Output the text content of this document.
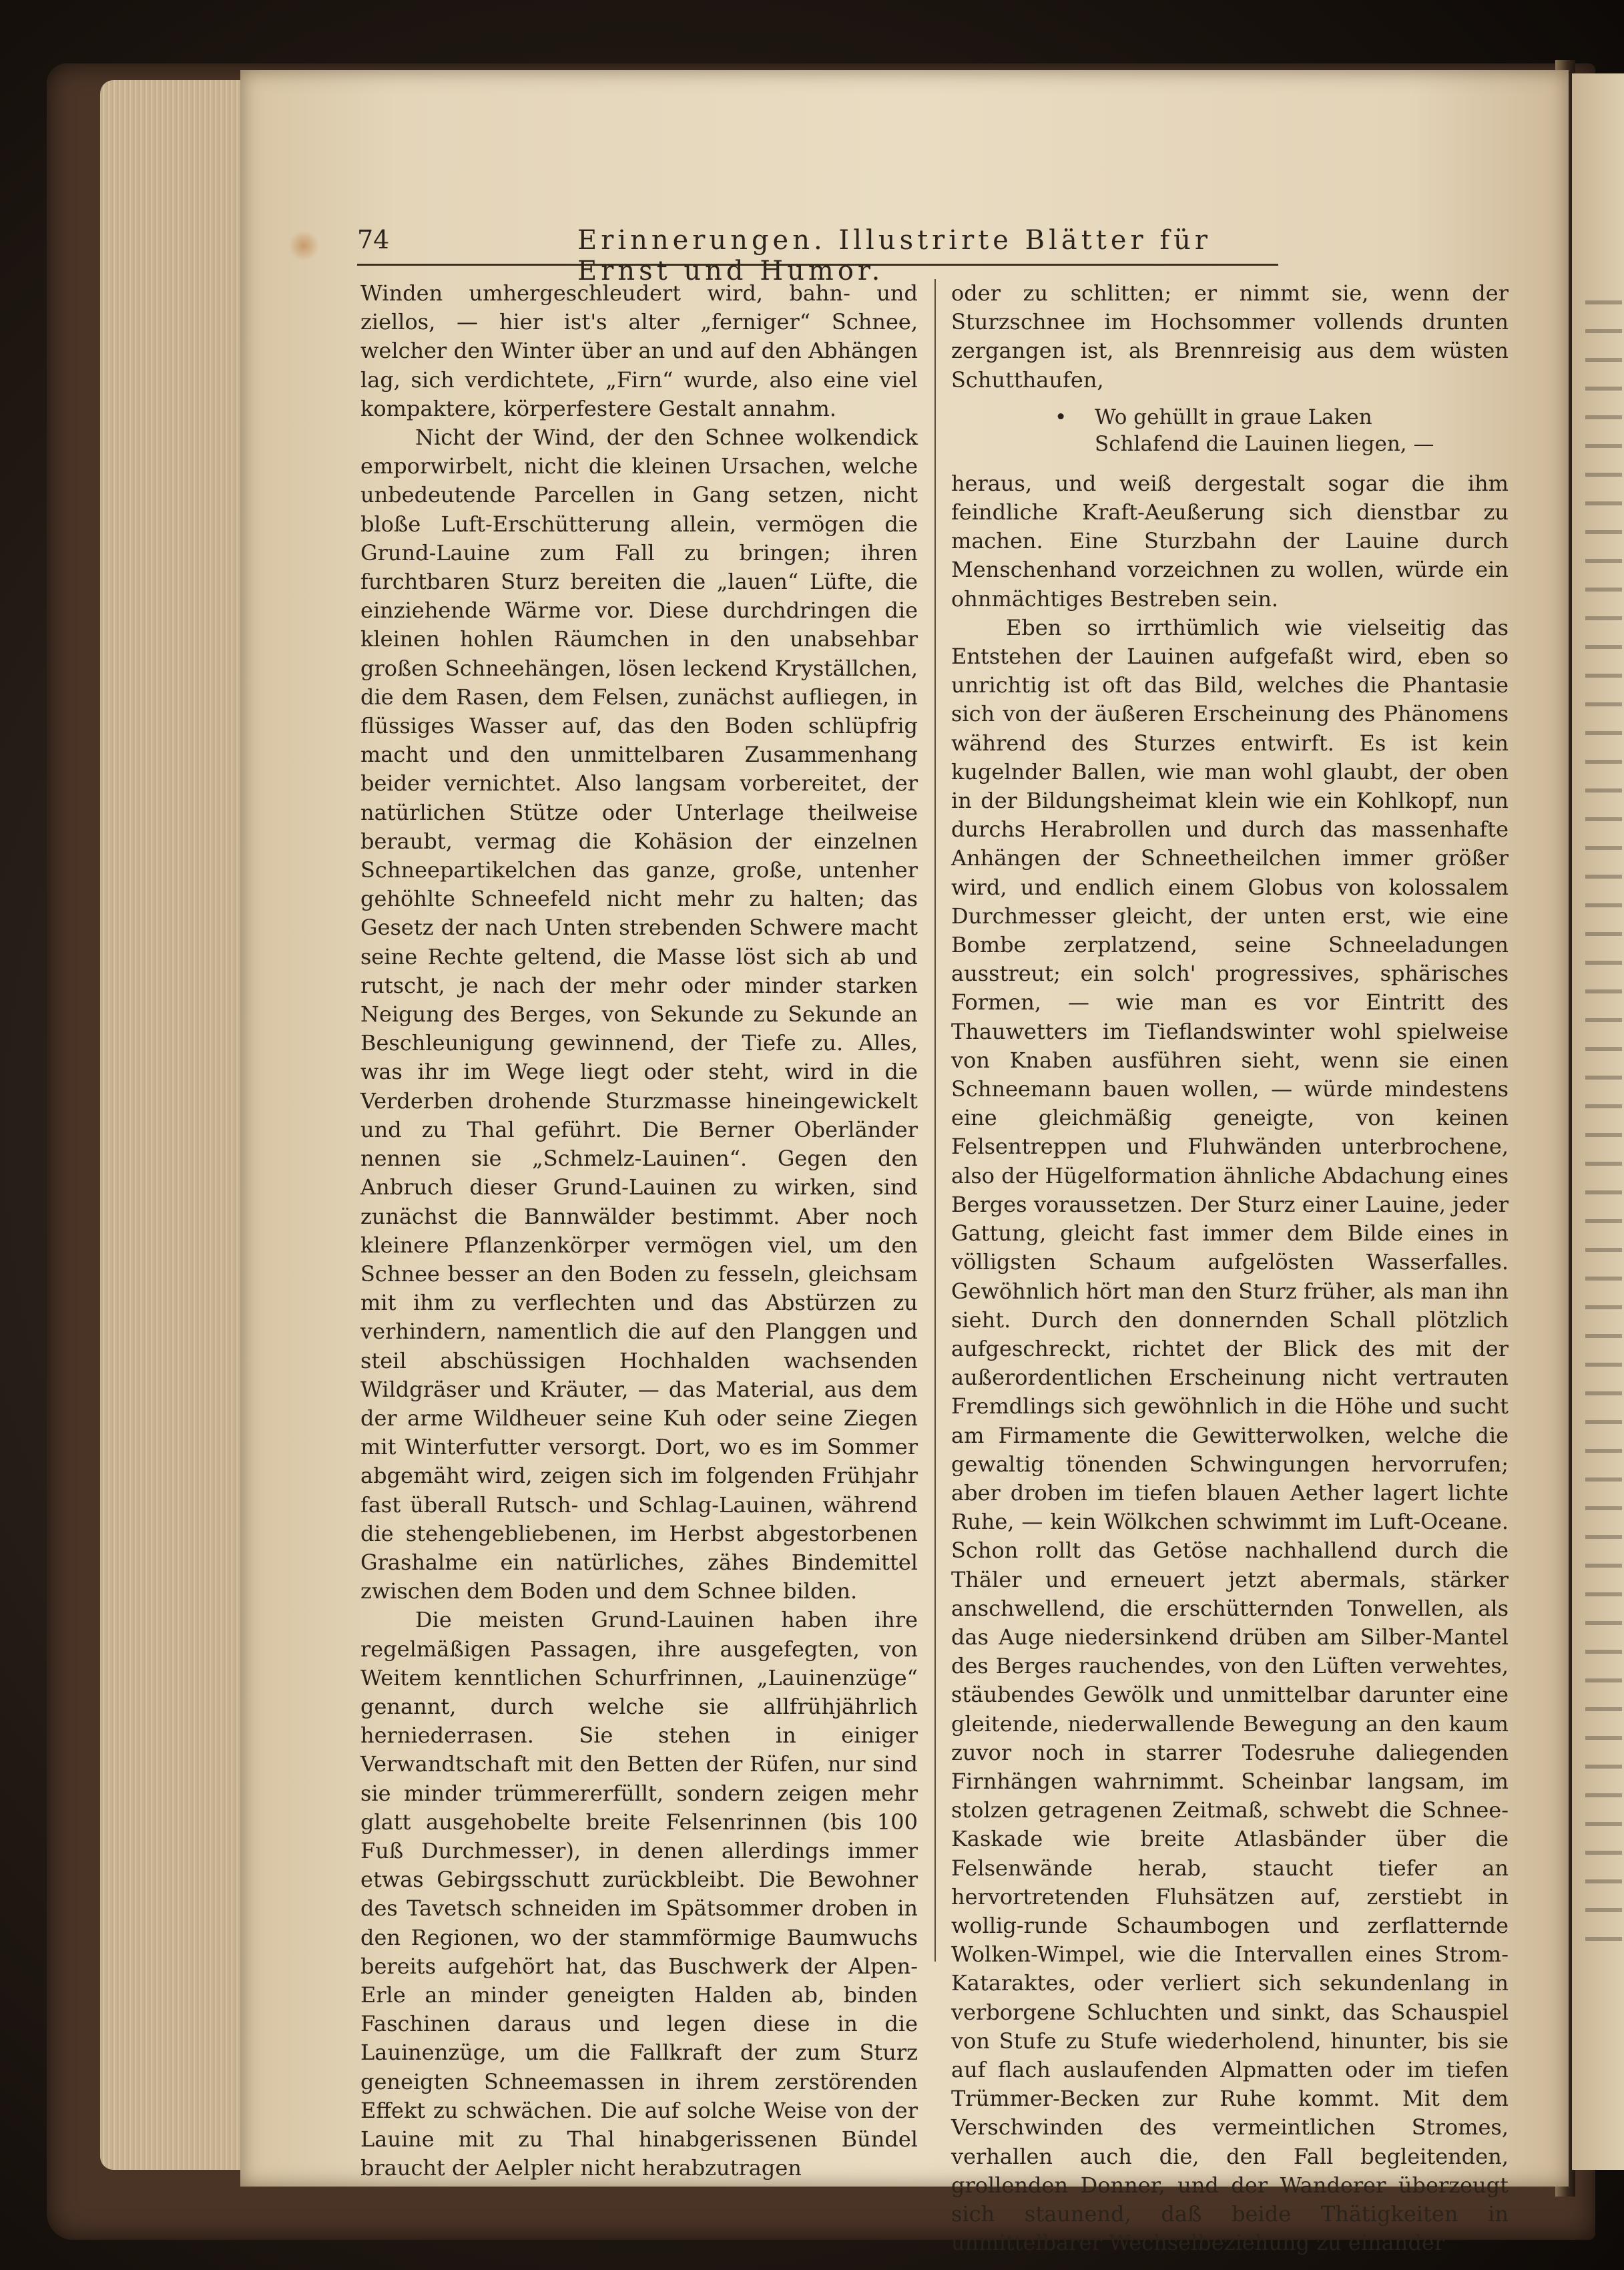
74	Erinnerungen. Illustrirte Blätter für Ernst und Humor.

Winden umhergeschleudert wird, bahn- und ziellos, — hier ist's alter „ferniger“ Schnee, welcher den Winter über an und auf den Abhängen lag, sich verdichtete, „Firn“ wurde, also eine viel kompaktere, körperfestere Gestalt annahm.

Nicht der Wind, der den Schnee wolkendick emporwirbelt, nicht die kleinen Ursachen, welche unbedeutende Parcellen in Gang setzen, nicht bloße Luft-Erschütterung allein, vermögen die Grund-Lauine zum Fall zu bringen; ihren furchtbaren Sturz bereiten die „lauen“ Lüfte, die einziehende Wärme vor. Diese durchdringen die kleinen hohlen Räumchen in den unabsehbar großen Schneehängen, lösen leckend Kryställchen, die dem Rasen, dem Felsen, zunächst aufliegen, in flüssiges Wasser auf, das den Boden schlüpfrig macht und den unmittelbaren Zusammenhang beider vernichtet. Also langsam vorbereitet, der natürlichen Stütze oder Unterlage theilweise beraubt, vermag die Kohäsion der einzelnen Schneepartikelchen das ganze, große, untenher gehöhlte Schneefeld nicht mehr zu halten; das Gesetz der nach Unten strebenden Schwere macht seine Rechte geltend, die Masse löst sich ab und rutscht, je nach der mehr oder minder starken Neigung des Berges, von Sekunde zu Sekunde an Beschleunigung gewinnend, der Tiefe zu. Alles, was ihr im Wege liegt oder steht, wird in die Verderben drohende Sturzmasse hineingewickelt und zu Thal geführt. Die Berner Oberländer nennen sie „Schmelz-Lauinen“. Gegen den Anbruch dieser Grund-Lauinen zu wirken, sind zunächst die Bannwälder bestimmt. Aber noch kleinere Pflanzenkörper vermögen viel, um den Schnee besser an den Boden zu fesseln, gleichsam mit ihm zu verflechten und das Abstürzen zu verhindern, namentlich die auf den Planggen und steil abschüssigen Hochhalden wachsenden Wildgräser und Kräuter, — das Material, aus dem der arme Wildheuer seine Kuh oder seine Ziegen mit Winterfutter versorgt. Dort, wo es im Sommer abgemäht wird, zeigen sich im folgenden Frühjahr fast überall Rutsch- und Schlag-Lauinen, während die stehengebliebenen, im Herbst abgestorbenen Grashalme ein natürliches, zähes Bindemittel zwischen dem Boden und dem Schnee bilden.

Die meisten Grund-Lauinen haben ihre regelmäßigen Passagen, ihre ausgefegten, von Weitem kenntlichen Schurfrinnen, „Lauinenzüge“ genannt, durch welche sie allfrühjährlich herniederrasen. Sie stehen in einiger Verwandtschaft mit den Betten der Rüfen, nur sind sie minder trümmererfüllt, sondern zeigen mehr glatt ausgehobelte breite Felsenrinnen (bis 100 Fuß Durchmesser), in denen allerdings immer etwas Gebirgsschutt zurückbleibt. Die Bewohner des Tavetsch schneiden im Spätsommer droben in den Regionen, wo der stammförmige Baumwuchs bereits aufgehört hat, das Buschwerk der Alpen-Erle an minder geneigten Halden ab, binden Faschinen daraus und legen diese in die Lauinenzüge, um die Fallkraft der zum Sturz geneigten Schneemassen in ihrem zerstörenden Effekt zu schwächen. Die auf solche Weise von der Lauine mit zu Thal hinabgerissenen Bündel braucht der Aelpler nicht herabzutragen

oder zu schlitten; er nimmt sie, wenn der Sturzschnee im Hochsommer vollends drunten zergangen ist, als Brennreisig aus dem wüsten Schutthaufen,

• Wo gehüllt in graue Laken
Schlafend die Lauinen liegen, —

heraus, und weiß dergestalt sogar die ihm feindliche Kraft-Aeußerung sich dienstbar zu machen. Eine Sturzbahn der Lauine durch Menschenhand vorzeichnen zu wollen, würde ein ohnmächtiges Bestreben sein.

Eben so irrthümlich wie vielseitig das Entstehen der Lauinen aufgefaßt wird, eben so unrichtig ist oft das Bild, welches die Phantasie sich von der äußeren Erscheinung des Phänomens während des Sturzes entwirft. Es ist kein kugelnder Ballen, wie man wohl glaubt, der oben in der Bildungsheimat klein wie ein Kohlkopf, nun durchs Herabrollen und durch das massenhafte Anhängen der Schneetheilchen immer größer wird, und endlich einem Globus von kolossalem Durchmesser gleicht, der unten erst, wie eine Bombe zerplatzend, seine Schneeladungen ausstreut; ein solch' progressives, sphärisches Formen, — wie man es vor Eintritt des Thauwetters im Tieflandswinter wohl spielweise von Knaben ausführen sieht, wenn sie einen Schneemann bauen wollen, — würde mindestens eine gleichmäßig geneigte, von keinen Felsentreppen und Fluhwänden unterbrochene, also der Hügelformation ähnliche Abdachung eines Berges voraussetzen. Der Sturz einer Lauine, jeder Gattung, gleicht fast immer dem Bilde eines in völligsten Schaum aufgelösten Wasserfalles. Gewöhnlich hört man den Sturz früher, als man ihn sieht. Durch den donnernden Schall plötzlich aufgeschreckt, richtet der Blick des mit der außerordentlichen Erscheinung nicht vertrauten Fremdlings sich gewöhnlich in die Höhe und sucht am Firmamente die Gewitterwolken, welche die gewaltig tönenden Schwingungen hervorrufen; aber droben im tiefen blauen Aether lagert lichte Ruhe, — kein Wölkchen schwimmt im Luft-Oceane. Schon rollt das Getöse nachhallend durch die Thäler und erneuert jetzt abermals, stärker anschwellend, die erschütternden Tonwellen, als das Auge niedersinkend drüben am Silber-Mantel des Berges rauchendes, von den Lüften verwehtes, stäubendes Gewölk und unmittelbar darunter eine gleitende, niederwallende Bewegung an den kaum zuvor noch in starrer Todesruhe daliegenden Firnhängen wahrnimmt. Scheinbar langsam, im stolzen getragenen Zeitmaß, schwebt die Schnee-Kaskade wie breite Atlasbänder über die Felsenwände herab, staucht tiefer an hervortretenden Fluhsätzen auf, zerstiebt in wollig-runde Schaumbogen und zerflatternde Wolken-Wimpel, wie die Intervallen eines Strom-Kataraktes, oder verliert sich sekundenlang in verborgene Schluchten und sinkt, das Schauspiel von Stufe zu Stufe wiederholend, hinunter, bis sie auf flach auslaufenden Alpmatten oder im tiefen Trümmer-Becken zur Ruhe kommt. Mit dem Verschwinden des vermeintlichen Stromes, verhallen auch die, den Fall begleitenden, grollenden Donner, und der Wanderer überzeugt sich staunend, daß beide Thätigkeiten in unmittelbarer Wechselbeziehung zu einander
